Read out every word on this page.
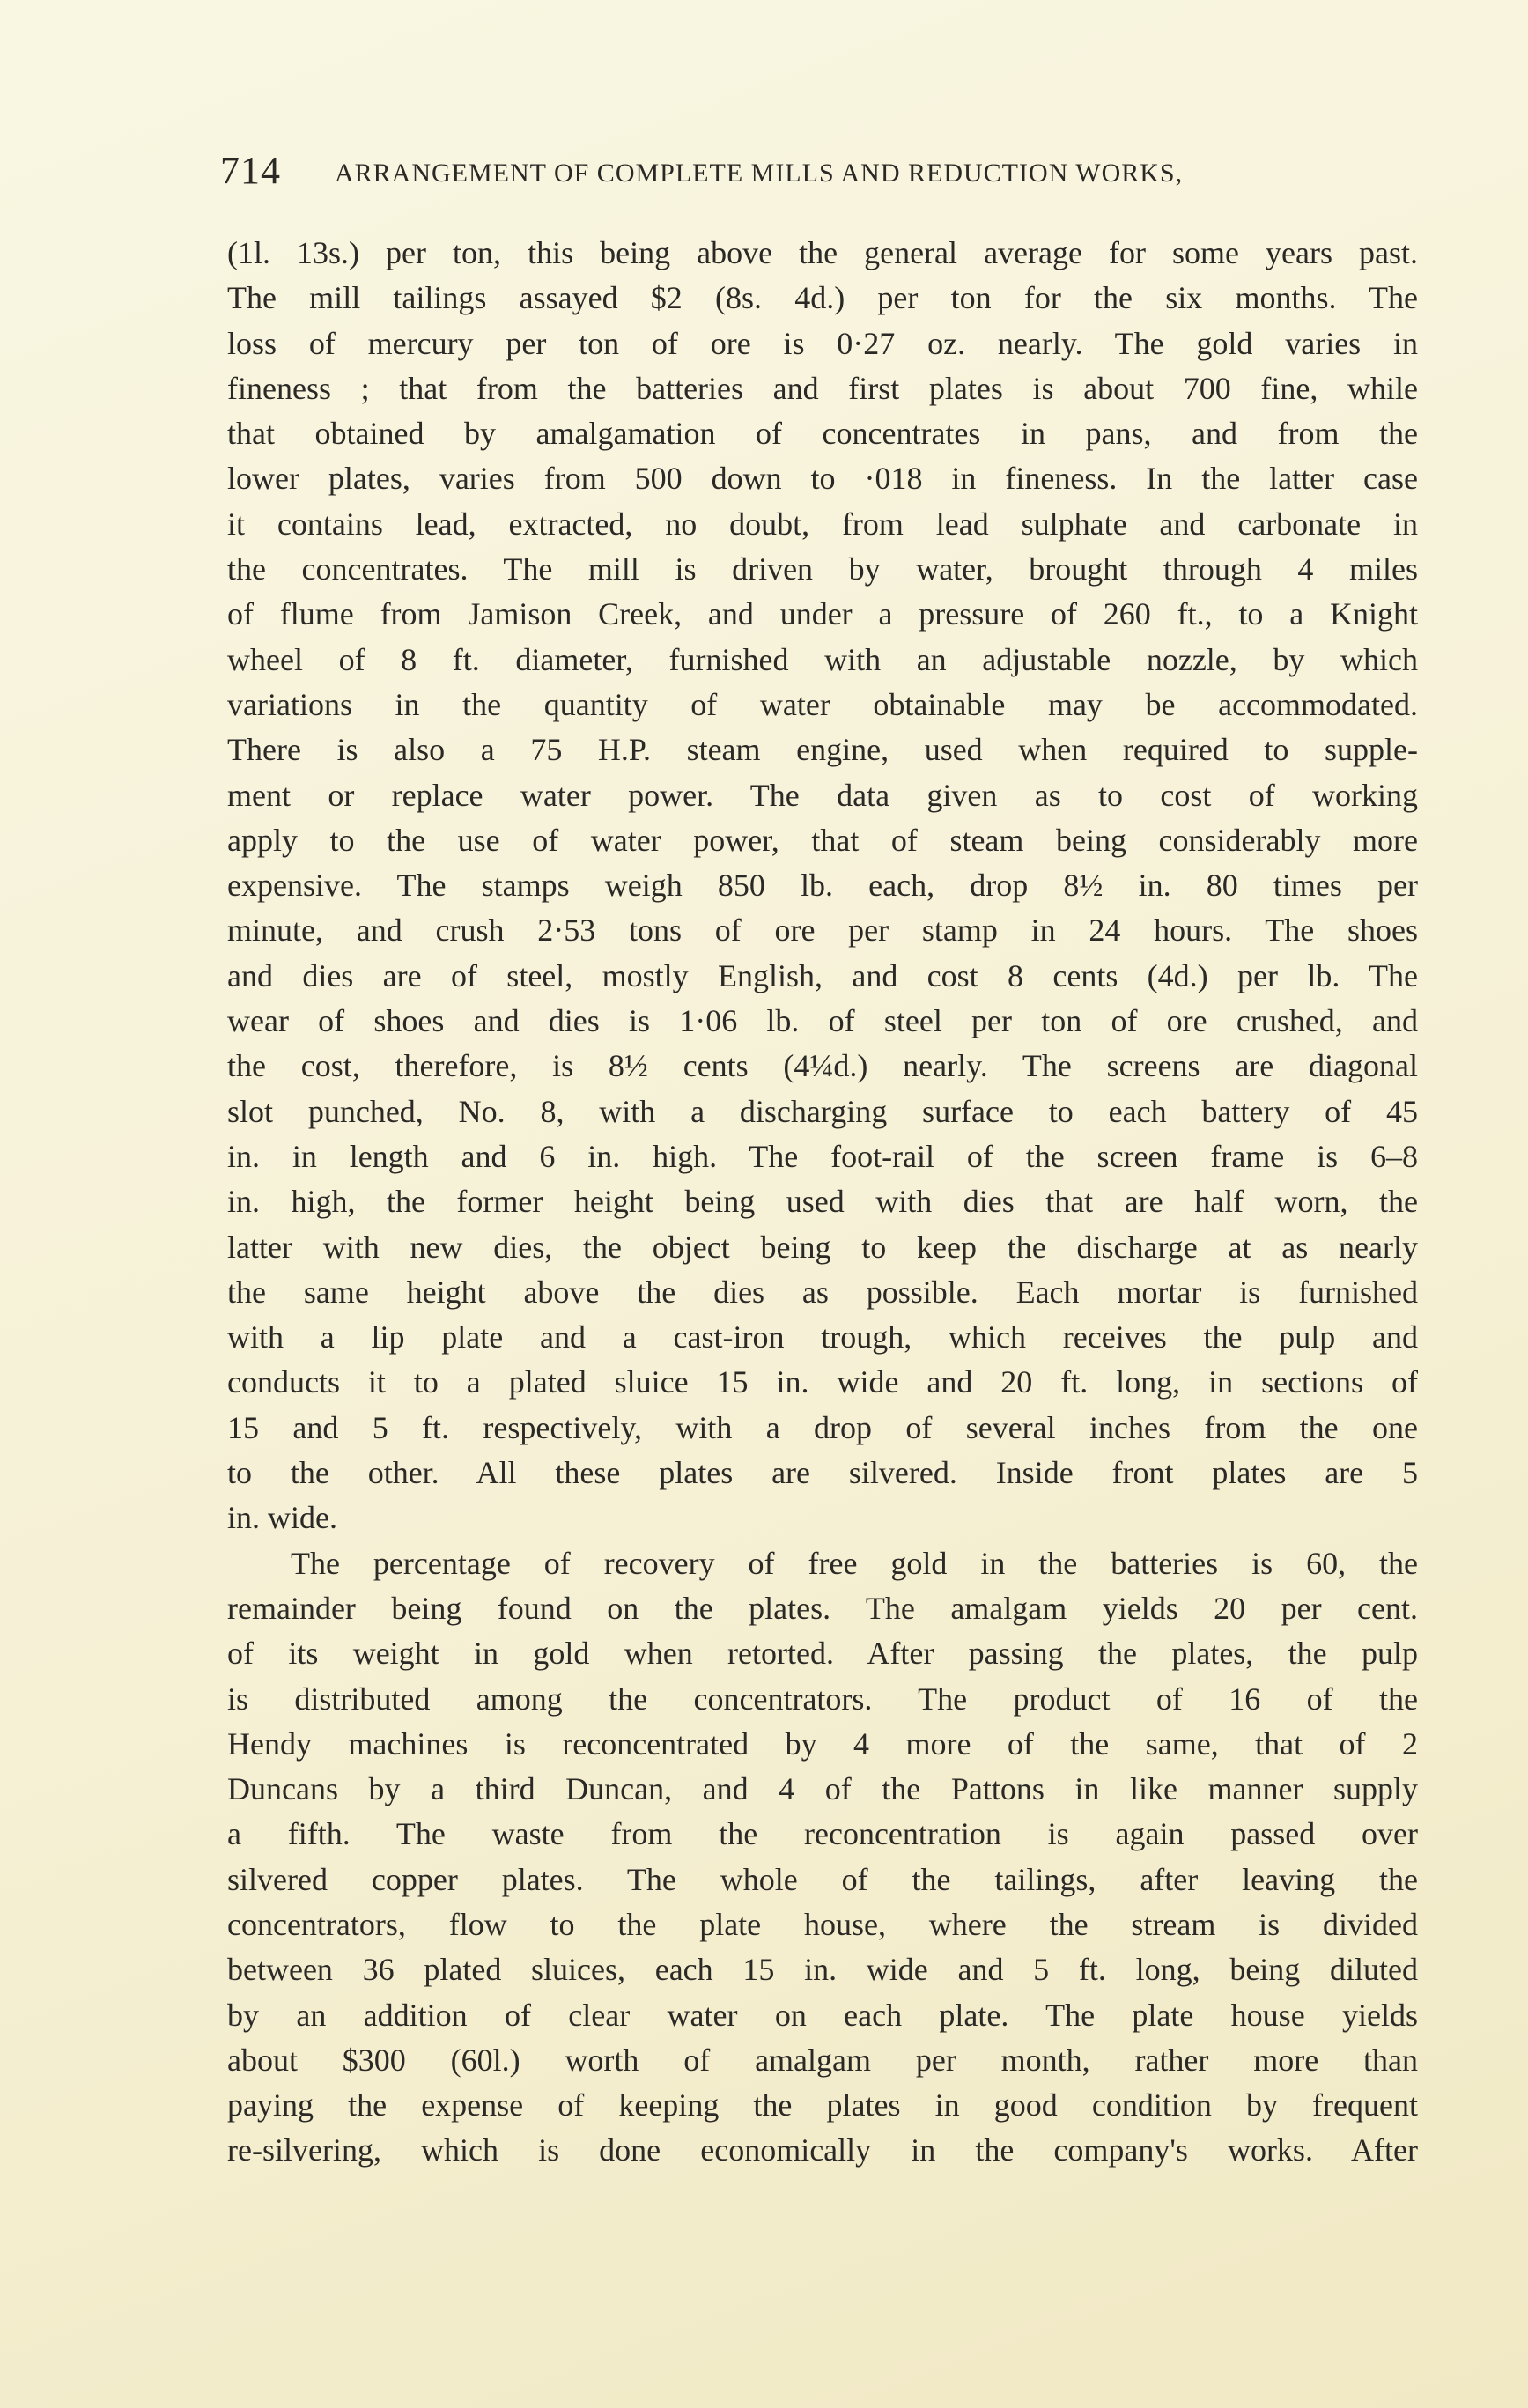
714 ARRANGEMENT OF COMPLETE MILLS AND REDUCTION WORKS,
(1l. 13s.) per ton, this being above the general average for some years past.
The mill tailings assayed $2 (8s. 4d.) per ton for the six months. The
loss of mercury per ton of ore is 0·27 oz. nearly. The gold varies in
fineness ; that from the batteries and first plates is about 700 fine, while
that obtained by amalgamation of concentrates in pans, and from the
lower plates, varies from 500 down to ·018 in fineness. In the latter case
it contains lead, extracted, no doubt, from lead sulphate and carbonate in
the concentrates. The mill is driven by water, brought through 4 miles
of flume from Jamison Creek, and under a pressure of 260 ft., to a Knight
wheel of 8 ft. diameter, furnished with an adjustable nozzle, by which
variations in the quantity of water obtainable may be accommodated.
There is also a 75 H.P. steam engine, used when required to supple-
ment or replace water power. The data given as to cost of working
apply to the use of water power, that of steam being considerably more
expensive. The stamps weigh 850 lb. each, drop 8½ in. 80 times per
minute, and crush 2·53 tons of ore per stamp in 24 hours. The shoes
and dies are of steel, mostly English, and cost 8 cents (4d.) per lb. The
wear of shoes and dies is 1·06 lb. of steel per ton of ore crushed, and
the cost, therefore, is 8½ cents (4¼d.) nearly. The screens are diagonal
slot punched, No. 8, with a discharging surface to each battery of 45
in. in length and 6 in. high. The foot-rail of the screen frame is 6–8
in. high, the former height being used with dies that are half worn, the
latter with new dies, the object being to keep the discharge at as nearly
the same height above the dies as possible. Each mortar is furnished
with a lip plate and a cast-iron trough, which receives the pulp and
conducts it to a plated sluice 15 in. wide and 20 ft. long, in sections of
15 and 5 ft. respectively, with a drop of several inches from the one
to the other. All these plates are silvered. Inside front plates are 5
in. wide.
The percentage of recovery of free gold in the batteries is 60, the
remainder being found on the plates. The amalgam yields 20 per cent.
of its weight in gold when retorted. After passing the plates, the pulp
is distributed among the concentrators. The product of 16 of the
Hendy machines is reconcentrated by 4 more of the same, that of 2
Duncans by a third Duncan, and 4 of the Pattons in like manner supply
a fifth. The waste from the reconcentration is again passed over
silvered copper plates. The whole of the tailings, after leaving the
concentrators, flow to the plate house, where the stream is divided
between 36 plated sluices, each 15 in. wide and 5 ft. long, being diluted
by an addition of clear water on each plate. The plate house yields
about $300 (60l.) worth of amalgam per month, rather more than
paying the expense of keeping the plates in good condition by frequent
re-silvering, which is done economically in the company's works. After
